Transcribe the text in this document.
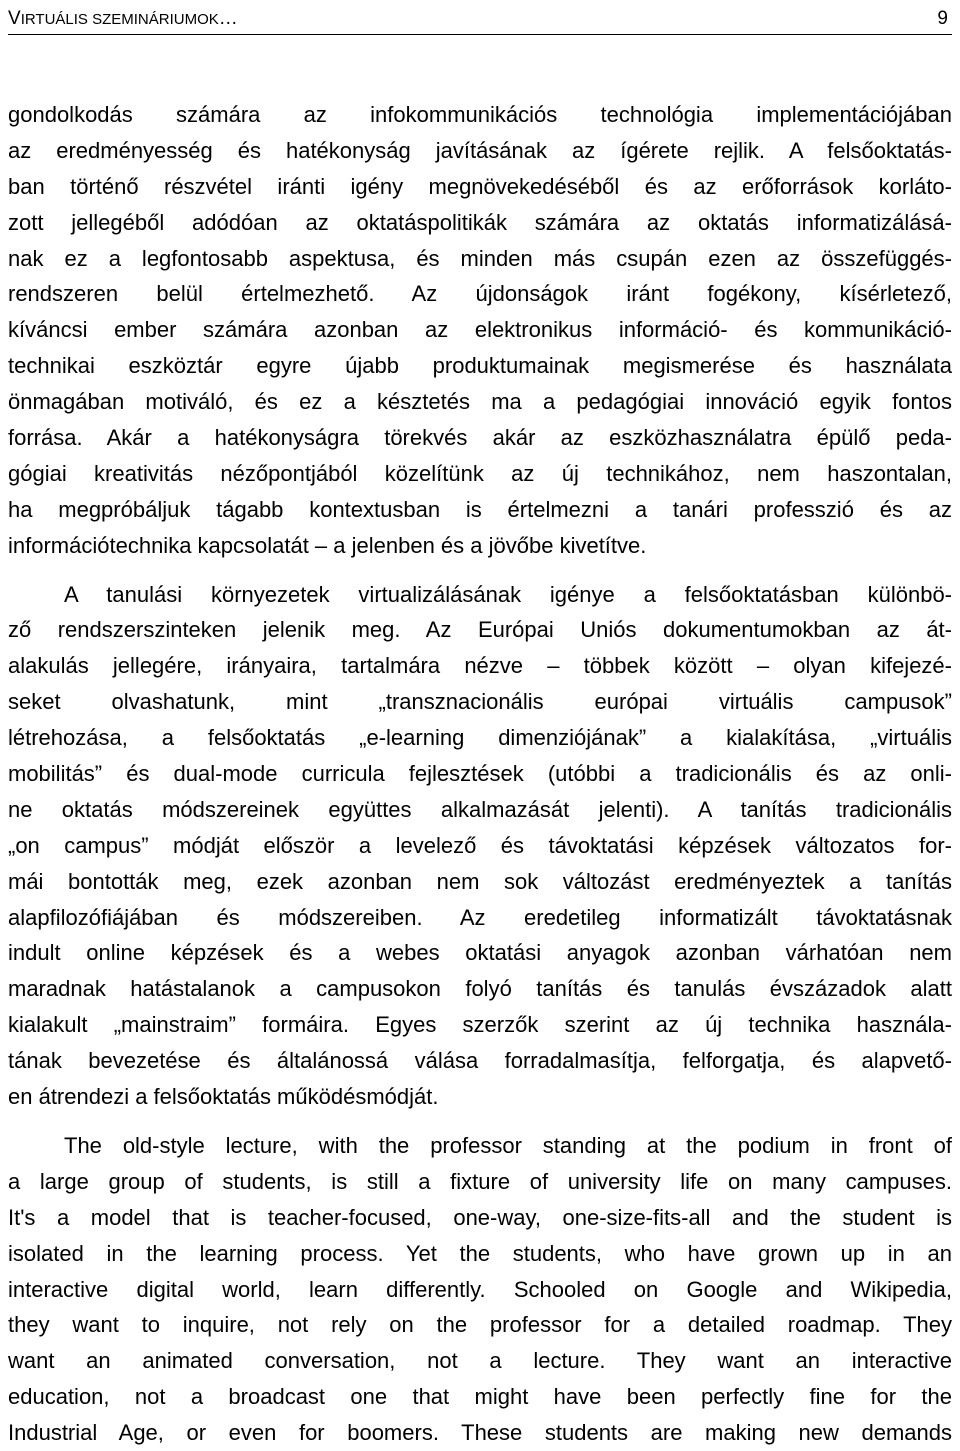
VIRTUÁLIS SZEMINÁRIUMOK…	9
gondolkodás számára az infokommunikációs technológia implementációjában
az eredményesség és hatékonyság javításának az ígérete rejlik. A felsőoktatás-
ban történő részvétel iránti igény megnövekedéséből és az erőforrások korláto-
zott jellegéből adódóan az oktatáspolitikák számára az oktatás informatizálásá-
nak ez a legfontosabb aspektusa, és minden más csupán ezen az összefüggés-
rendszeren belül értelmezhető. Az újdonságok iránt fogékony, kísérletező,
kíváncsi ember számára azonban az elektronikus információ- és kommunikáció-
technikai eszköztár egyre újabb produktumainak megismerése és használata
önmagában motiváló, és ez a késztetés ma a pedagógiai innováció egyik fontos
forrása. Akár a hatékonyságra törekvés akár az eszközhasználatra épülő peda-
gógiai kreativitás nézőpontjából közelítünk az új technikához, nem haszontalan,
ha megpróbáljuk tágabb kontextusban is értelmezni a tanári professzió és az
információtechnika kapcsolatát – a jelenben és a jövőbe kivetítve.
A tanulási környezetek virtualizálásának igénye a felsőoktatásban különbö-
ző rendszerszinteken jelenik meg. Az Európai Uniós dokumentumokban az át-
alakulás jellegére, irányaira, tartalmára nézve – többek között – olyan kifejezé-
seket olvashatunk, mint „transznacionális európai virtuális campusok”
létrehozása, a felsőoktatás „e-learning dimenziójának” a kialakítása, „virtuális
mobilitás” és dual-mode curricula fejlesztések (utóbbi a tradicionális és az onli-
ne oktatás módszereinek együttes alkalmazását jelenti). A tanítás tradicionális
„on campus” módját először a levelező és távoktatási képzések változatos for-
mái bontották meg, ezek azonban nem sok változást eredményeztek a tanítás
alapfilozófiájában és módszereiben. Az eredetileg informatizált távoktatásnak
indult online képzések és a webes oktatási anyagok azonban várhatóan nem
maradnak hatástalanok a campusokon folyó tanítás és tanulás évszázadok alatt
kialakult „mainstraim” formáira. Egyes szerzők szerint az új technika használa-
tának bevezetése és általánossá válása forradalmasítja, felforgatja, és alapvető-
en átrendezi a felsőoktatás működésmódját.
The old-style lecture, with the professor standing at the podium in front of
a large group of students, is still a fixture of university life on many campuses.
It's a model that is teacher-focused, one-way, one-size-fits-all and the student is
isolated in the learning process. Yet the students, who have grown up in an
interactive digital world, learn differently. Schooled on Google and Wikipedia,
they want to inquire, not rely on the professor for a detailed roadmap. They
want an animated conversation, not a lecture. They want an interactive
education, not a broadcast one that might have been perfectly fine for the
Industrial Age, or even for boomers. These students are making new demands
